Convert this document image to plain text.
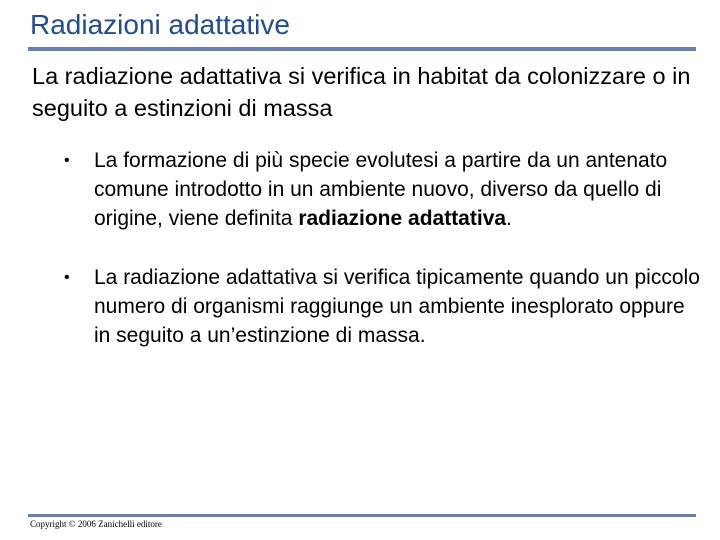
Radiazioni adattative
La radiazione adattativa si verifica in habitat da colonizzare o in seguito a estinzioni di massa
• La formazione di più specie evolutesi a partire da un antenato comune introdotto in un ambiente nuovo, diverso da quello di origine, viene definita radiazione adattativa.
• La radiazione adattativa si verifica tipicamente quando un piccolo numero di organismi raggiunge un ambiente inesplorato oppure in seguito a un’estinzione di massa.
Copyright © 2006 Zanichelli editore
